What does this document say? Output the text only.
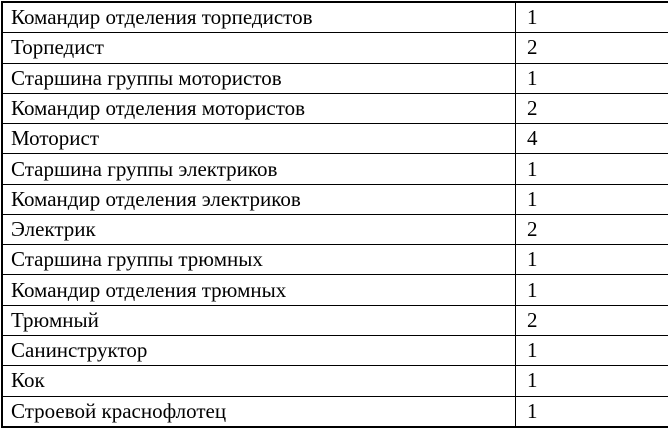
Командир отделения торпедистов	1
Торпедист	2
Старшина группы мотористов	1
Командир отделения мотористов	2
Моторист	4
Старшина группы электриков	1
Командир отделения электриков	1
Электрик	2
Старшина группы трюмных	1
Командир отделения трюмных	1
Трюмный	2
Санинструктор	1
Кок	1
Строевой краснофлотец	1
